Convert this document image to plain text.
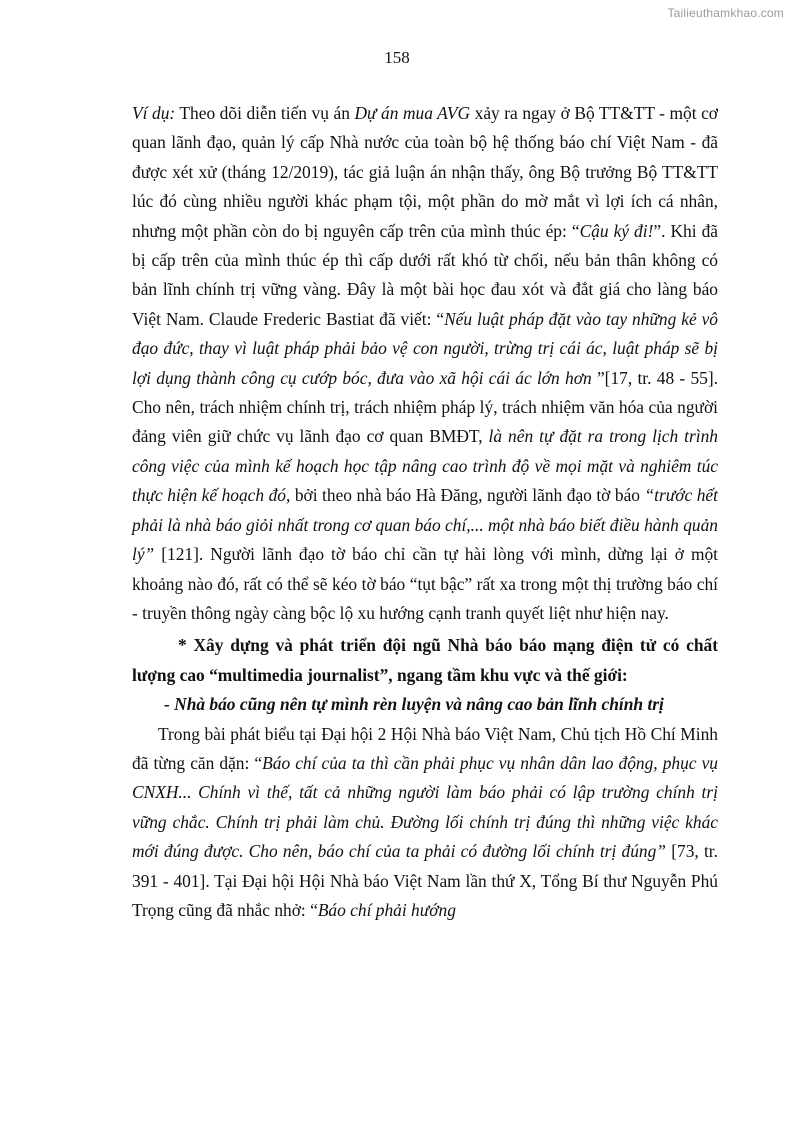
Tailieuthamkhao.com
158

Ví dụ: Theo dõi diễn tiến vụ án Dự án mua AVG xảy ra ngay ở Bộ TT&TT - một cơ quan lãnh đạo, quản lý cấp Nhà nước của toàn bộ hệ thống báo chí Việt Nam - đã được xét xử (tháng 12/2019), tác giả luận án nhận thấy, ông Bộ trưởng Bộ TT&TT lúc đó cùng nhiều người khác phạm tội, một phần do mờ mắt vì lợi ích cá nhân, nhưng một phần còn do bị nguyên cấp trên của mình thúc ép: “Cậu ký đi!”. Khi đã bị cấp trên của mình thúc ép thì cấp dưới rất khó từ chối, nếu bản thân không có bản lĩnh chính trị vững vàng. Đây là một bài học đau xót và đắt giá cho làng báo Việt Nam. Claude Frederic Bastiat đã viết: “Nếu luật pháp đặt vào tay những kẻ vô đạo đức, thay vì luật pháp phải bảo vệ con người, trừng trị cái ác, luật pháp sẽ bị lợi dụng thành công cụ cướp bóc, đưa vào xã hội cái ác lớn hơn ”[17, tr. 48 - 55]. Cho nên, trách nhiệm chính trị, trách nhiệm pháp lý, trách nhiệm văn hóa của người đảng viên giữ chức vụ lãnh đạo cơ quan BMĐT, là nên tự đặt ra trong lịch trình công việc của mình kế hoạch học tập nâng cao trình độ về mọi mặt và nghiêm túc thực hiện kế hoạch đó, bởi theo nhà báo Hà Đăng, người lãnh đạo tờ báo “trước hết phải là nhà báo giỏi nhất trong cơ quan báo chí,... một nhà báo biết điều hành quản lý” [121]. Người lãnh đạo tờ báo chỉ cần tự hài lòng với mình, dừng lại ở một khoảng nào đó, rất có thể sẽ kéo tờ báo “tụt bậc” rất xa trong một thị trường báo chí - truyền thông ngày càng bộc lộ xu hướng cạnh tranh quyết liệt như hiện nay.

* Xây dựng và phát triển đội ngũ Nhà báo báo mạng điện tử có chất lượng cao “multimedia journalist”, ngang tầm khu vực và thế giới:

- Nhà báo cũng nên tự mình rèn luyện và nâng cao bản lĩnh chính trị

Trong bài phát biểu tại Đại hội 2 Hội Nhà báo Việt Nam, Chủ tịch Hồ Chí Minh đã từng căn dặn: “Báo chí của ta thì cần phải phục vụ nhân dân lao động, phục vụ CNXH... Chính vì thế, tất cả những người làm báo phải có lập trường chính trị vững chắc. Chính trị phải làm chủ. Đường lối chính trị đúng thì những việc khác mới đúng được. Cho nên, báo chí của ta phải có đường lối chính trị đúng” [73, tr. 391 - 401]. Tại Đại hội Hội Nhà báo Việt Nam lần thứ X, Tổng Bí thư Nguyễn Phú Trọng cũng đã nhắc nhở: “Báo chí phải hướng
